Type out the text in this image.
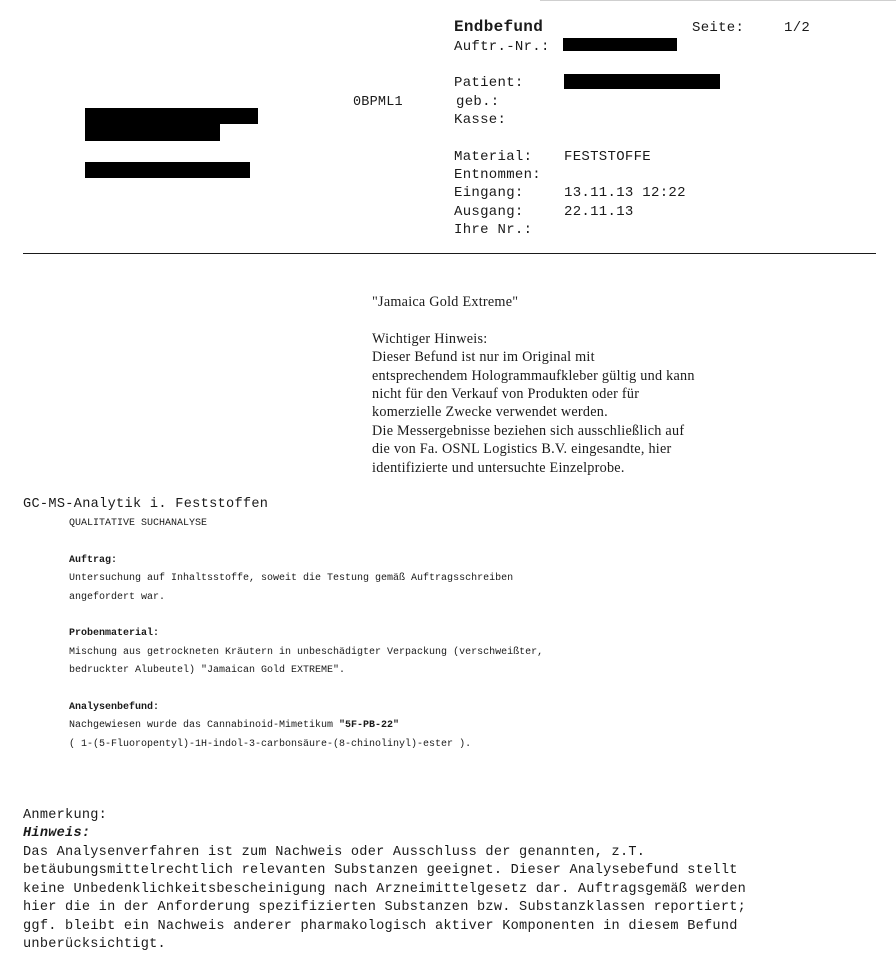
0BPML1
Endbefund	Seite:	1/2
Auftr.-Nr.:
Patient:
geb.:
Kasse:
Material: FESTSTOFFE
Entnommen:
Eingang:	13.11.13 12:22
Ausgang:	22.11.13
Ihre Nr.:
"Jamaica Gold Extreme"
Wichtiger Hinweis:
Dieser Befund ist nur im Original mit
entsprechendem Hologrammaufkleber gültig und kann
nicht für den Verkauf von Produkten oder für
komerzielle Zwecke verwendet werden.
Die Messergebnisse beziehen sich ausschließlich auf
die von Fa. OSNL Logistics B.V. eingesandte, hier
identifizierte und untersuchte Einzelprobe.
GC-MS-Analytik i. Feststoffen
QUALITATIVE SUCHANALYSE
Auftrag:
Untersuchung auf Inhaltsstoffe, soweit die Testung gemäß Auftragsschreiben
angefordert war.
Probenmaterial:
Mischung aus getrockneten Kräutern in unbeschädigter Verpackung (verschweißter,
bedruckter Alubeutel) "Jamaican Gold EXTREME".
Analysenbefund:
Nachgewiesen wurde das Cannabinoid-Mimetikum "5F-PB-22"
( 1-(5-Fluoropentyl)-1H-indol-3-carbonsäure-(8-chinolinyl)-ester ).
Anmerkung:
Hinweis:
Das Analysenverfahren ist zum Nachweis oder Ausschluss der genannten, z.T.
betäubungsmittelrechtlich relevanten Substanzen geeignet. Dieser Analysebefund stellt
keine Unbedenklichkeitsbescheinigung nach Arzneimittelgesetz dar. Auftragsgemäß werden
hier die in der Anforderung spezifizierten Substanzen bzw. Substanzklassen reportiert;
ggf. bleibt ein Nachweis anderer pharmakologisch aktiver Komponenten in diesem Befund
unberücksichtigt.
